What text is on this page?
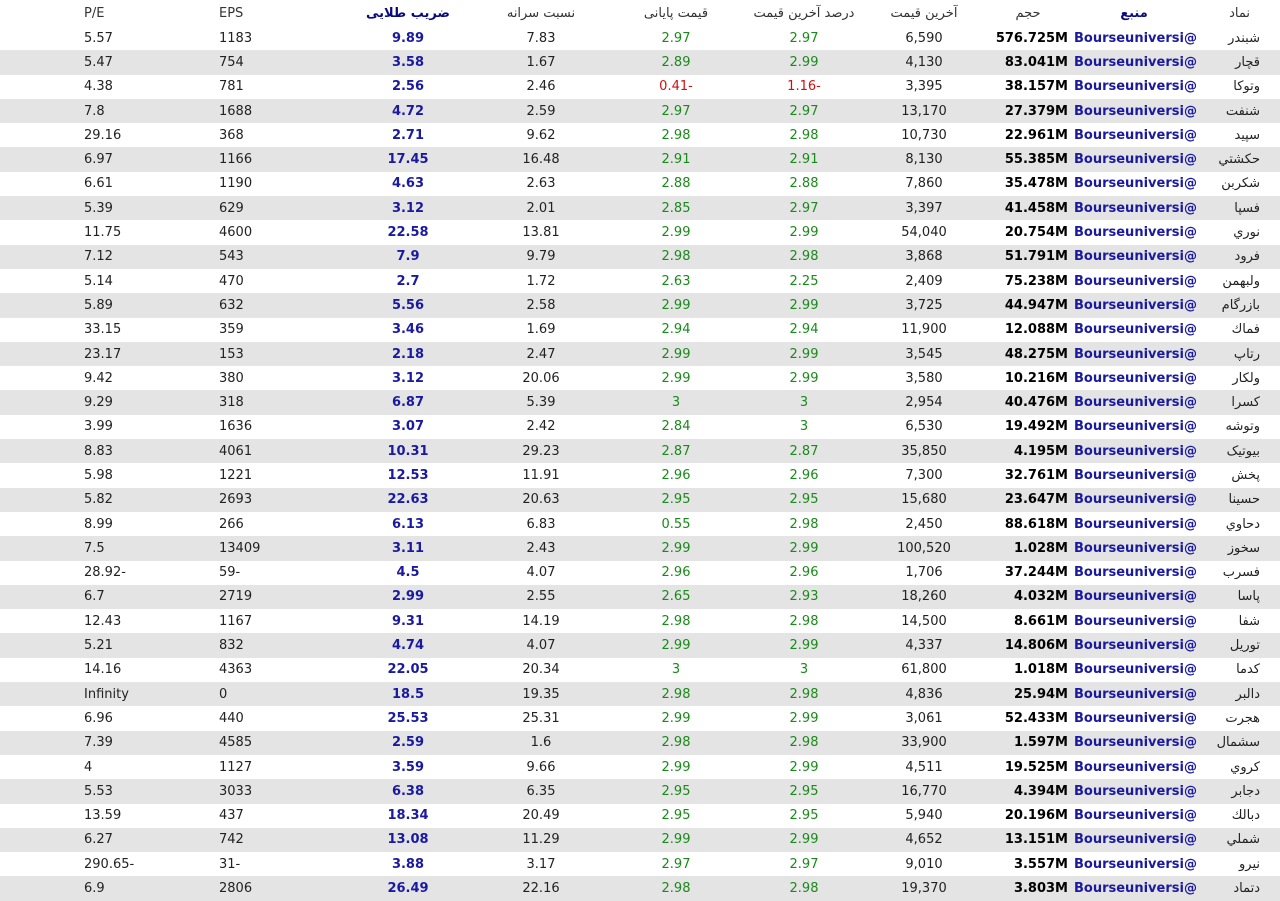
نماد	منبع	حجم	آخرین قیمت	درصد آخرین قیمت	قیمت پایانی	نسبت سرانه	ضریب طلایی	EPS	P/E
شبندر	@Bourseuniversi	576.725M	6,590	2.97	2.97	7.83	9.89	1183	5.57
قچار	@Bourseuniversi	83.041M	4,130	2.99	2.89	1.67	3.58	754	5.47
وتوکا	@Bourseuniversi	38.157M	3,395	-1.16	-0.41	2.46	2.56	781	4.38
شنفت	@Bourseuniversi	27.379M	13,170	2.97	2.97	2.59	4.72	1688	7.8
سپید	@Bourseuniversi	22.961M	10,730	2.98	2.98	9.62	2.71	368	29.16
حکشتي	@Bourseuniversi	55.385M	8,130	2.91	2.91	16.48	17.45	1166	6.97
شکربن	@Bourseuniversi	35.478M	7,860	2.88	2.88	2.63	4.63	1190	6.61
فسپا	@Bourseuniversi	41.458M	3,397	2.97	2.85	2.01	3.12	629	5.39
نوري	@Bourseuniversi	20.754M	54,040	2.99	2.99	13.81	22.58	4600	11.75
فرود	@Bourseuniversi	51.791M	3,868	2.98	2.98	9.79	7.9	543	7.12
ولبهمن	@Bourseuniversi	75.238M	2,409	2.25	2.63	1.72	2.7	470	5.14
بازرگام	@Bourseuniversi	44.947M	3,725	2.99	2.99	2.58	5.56	632	5.89
فماك	@Bourseuniversi	12.088M	11,900	2.94	2.94	1.69	3.46	359	33.15
رتاپ	@Bourseuniversi	48.275M	3,545	2.99	2.99	2.47	2.18	153	23.17
ولكار	@Bourseuniversi	10.216M	3,580	2.99	2.99	20.06	3.12	380	9.42
كسرا	@Bourseuniversi	40.476M	2,954	3	3	5.39	6.87	318	9.29
وتوشه	@Bourseuniversi	19.492M	6,530	3	2.84	2.42	3.07	1636	3.99
بيوتيک	@Bourseuniversi	4.195M	35,850	2.87	2.87	29.23	10.31	4061	8.83
پخش	@Bourseuniversi	32.761M	7,300	2.96	2.96	11.91	12.53	1221	5.98
حسينا	@Bourseuniversi	23.647M	15,680	2.95	2.95	20.63	22.63	2693	5.82
دحاوي	@Bourseuniversi	88.618M	2,450	2.98	0.55	6.83	6.13	266	8.99
سخوز	@Bourseuniversi	1.028M	100,520	2.99	2.99	2.43	3.11	13409	7.5
فسرب	@Bourseuniversi	37.244M	1,706	2.96	2.96	4.07	4.5	-59	-28.92
پاسا	@Bourseuniversi	4.032M	18,260	2.93	2.65	2.55	2.99	2719	6.7
شفا	@Bourseuniversi	8.661M	14,500	2.98	2.98	14.19	9.31	1167	12.43
توريل	@Bourseuniversi	14.806M	4,337	2.99	2.99	4.07	4.74	832	5.21
كدما	@Bourseuniversi	1.018M	61,800	3	3	20.34	22.05	4363	14.16
دالبر	@Bourseuniversi	25.94M	4,836	2.98	2.98	19.35	18.5	0	Infinity
هجرت	@Bourseuniversi	52.433M	3,061	2.99	2.99	25.31	25.53	440	6.96
سشمال	@Bourseuniversi	1.597M	33,900	2.98	2.98	1.6	2.59	4585	7.39
كروي	@Bourseuniversi	19.525M	4,511	2.99	2.99	9.66	3.59	1127	4
دجابر	@Bourseuniversi	4.394M	16,770	2.95	2.95	6.35	6.38	3033	5.53
دبالك	@Bourseuniversi	20.196M	5,940	2.95	2.95	20.49	18.34	437	13.59
شملي	@Bourseuniversi	13.151M	4,652	2.99	2.99	11.29	13.08	742	6.27
نيرو	@Bourseuniversi	3.557M	9,010	2.97	2.97	3.17	3.88	-31	-290.65
دتماد	@Bourseuniversi	3.803M	19,370	2.98	2.98	22.16	26.49	2806	6.9
